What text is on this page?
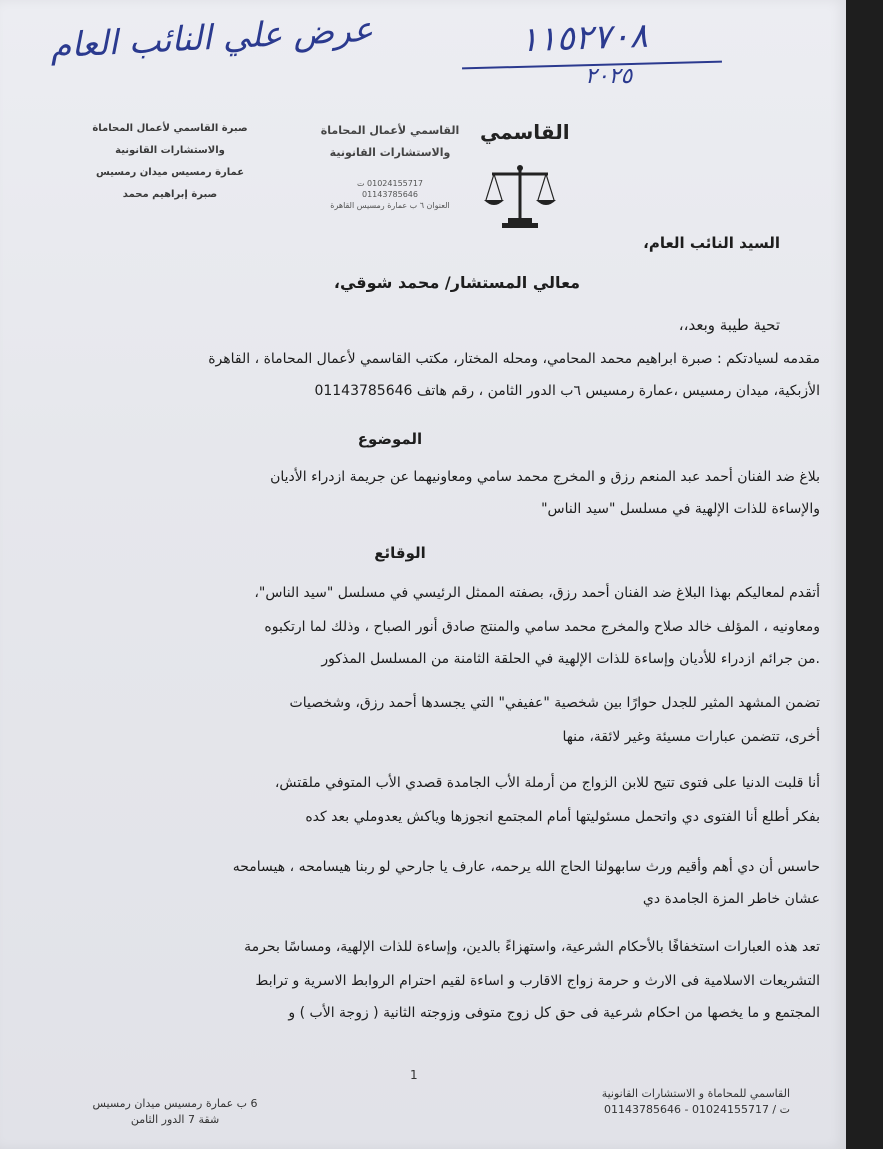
عرض علي النائب العام	١١٥٢٧٠٨
٢٠٢٥
صبرة القاسمي لأعمال المحاماة
والاستشارات القانونية
عمارة رمسيس ميدان رمسيس
صبرة إبراهيم محمد
القاسمي لأعمال المحاماة
والاستشارات القانونية
01024155717 ت
01143785646
العنوان ٦ ب عمارة رمسيس القاهرة
القاسمي
السيد النائب العام،
معالي المستشار/ محمد شوقي،
تحية طيبة وبعد،،
مقدمه لسيادتكم : صبرة ابراهيم محمد المحامي، ومحله المختار، مكتب القاسمي لأعمال المحاماة ، القاهرة
الأزبكية، ميدان رمسيس ،عمارة رمسيس ٦ب الدور الثامن ، رقم هاتف 01143785646
الموضوع
بلاغ ضد الفنان أحمد عبد المنعم رزق و المخرج محمد سامي ومعاونيهما عن جريمة ازدراء الأديان
والإساءة للذات الإلهية في مسلسل "سيد الناس"
الوقائع
أتقدم لمعاليكم بهذا البلاغ ضد الفنان أحمد رزق، بصفته الممثل الرئيسي في مسلسل "سيد الناس"،
ومعاونيه ، المؤلف خالد صلاح والمخرج محمد سامي والمنتج صادق أنور الصباح ، وذلك لما ارتكبوه
.من جرائم ازدراء للأديان وإساءة للذات الإلهية في الحلقة الثامنة من المسلسل المذكور
تضمن المشهد المثير للجدل حوارًا بين شخصية "عفيفي" التي يجسدها أحمد رزق، وشخصيات
أخرى، تتضمن عبارات مسيئة وغير لائقة، منها
أنا قلبت الدنيا على فتوى تتيح للابن الزواج من أرملة الأب الجامدة قصدي الأب المتوفي ملقتش،
بفكر أطلع أنا الفتوى دي واتحمل مسئوليتها أمام المجتمع انجوزها وياكش يعدوملي بعد كده
حاسس أن دي أهم وأقيم ورث سابهولنا الحاج الله يرحمه، عارف يا جارحي لو ربنا هيسامحه ، هيسامحه
عشان خاطر المزة الجامدة دي
تعد هذه العبارات استخفافًا بالأحكام الشرعية، واستهزاءً بالدين، وإساءة للذات الإلهية، ومساسًا بحرمة
التشريعات الاسلامية فى الارث و حرمة زواج الاقارب و اساءة لقيم احترام الروابط الاسرية و ترابط
المجتمع و ما يخصها من احكام شرعية فى حق كل زوج متوفى وزوجته الثانية ( زوجة الأب ) و
1
القاسمي للمحاماة و الاستشارات القانونية
ت / 01024155717 - 01143785646
6 ب عمارة رمسيس ميدان رمسيس
شقة 7 الدور الثامن
